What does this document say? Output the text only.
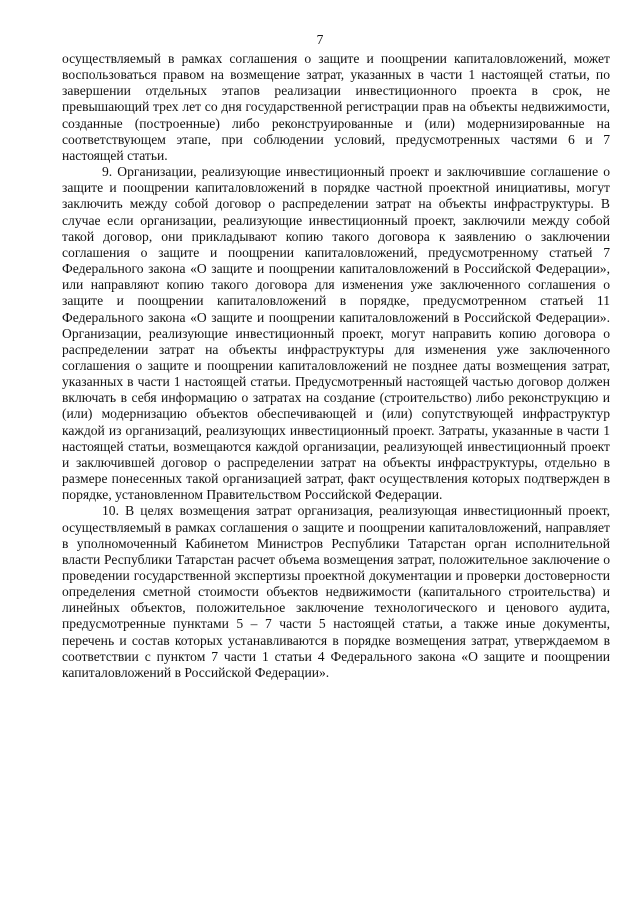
7

осуществляемый в рамках соглашения о защите и поощрении капиталовложений, может воспользоваться правом на возмещение затрат, указанных в части 1 настоящей статьи, по завершении отдельных этапов реализации инвестиционного проекта в срок, не превышающий трех лет со дня государственной регистрации прав на объекты недвижимости, созданные (построенные) либо реконструированные и (или) модернизированные на соответствующем этапе, при соблюдении условий, предусмотренных частями 6 и 7 настоящей статьи.

9. Организации, реализующие инвестиционный проект и заключившие соглашение о защите и поощрении капиталовложений в порядке частной проектной инициативы, могут заключить между собой договор о распределении затрат на объекты инфраструктуры. В случае если организации, реализующие инвестиционный проект, заключили между собой такой договор, они прикладывают копию такого договора к заявлению о заключении соглашения о защите и поощрении капиталовложений, предусмотренному статьей 7 Федерального закона «О защите и поощрении капиталовложений в Российской Федерации», или направляют копию такого договора для изменения уже заключенного соглашения о защите и поощрении капиталовложений в порядке, предусмотренном статьей 11 Федерального закона «О защите и поощрении капиталовложений в Российской Федерации». Организации, реализующие инвестиционный проект, могут направить копию договора о распределении затрат на объекты инфраструктуры для изменения уже заключенного соглашения о защите и поощрении капиталовложений не позднее даты возмещения затрат, указанных в части 1 настоящей статьи. Предусмотренный настоящей частью договор должен включать в себя информацию о затратах на создание (строительство) либо реконструкцию и (или) модернизацию объектов обеспечивающей и (или) сопутствующей инфраструктур каждой из организаций, реализующих инвестиционный проект. Затраты, указанные в части 1 настоящей статьи, возмещаются каждой организации, реализующей инвестиционный проект и заключившей договор о распределении затрат на объекты инфраструктуры, отдельно в размере понесенных такой организацией затрат, факт осуществления которых подтвержден в порядке, установленном Правительством Российской Федерации.

10. В целях возмещения затрат организация, реализующая инвестиционный проект, осуществляемый в рамках соглашения о защите и поощрении капиталовложений, направляет в уполномоченный Кабинетом Министров Республики Татарстан орган исполнительной власти Республики Татарстан расчет объема возмещения затрат, положительное заключение о проведении государственной экспертизы проектной документации и проверки достоверности определения сметной стоимости объектов недвижимости (капитального строительства) и линейных объектов, положительное заключение технологического и ценового аудита, предусмотренные пунктами 5 – 7 части 5 настоящей статьи, а также иные документы, перечень и состав которых устанавливаются в порядке возмещения затрат, утверждаемом в соответствии с пунктом 7 части 1 статьи 4 Федерального закона «О защите и поощрении капиталовложений в Российской Федерации».
